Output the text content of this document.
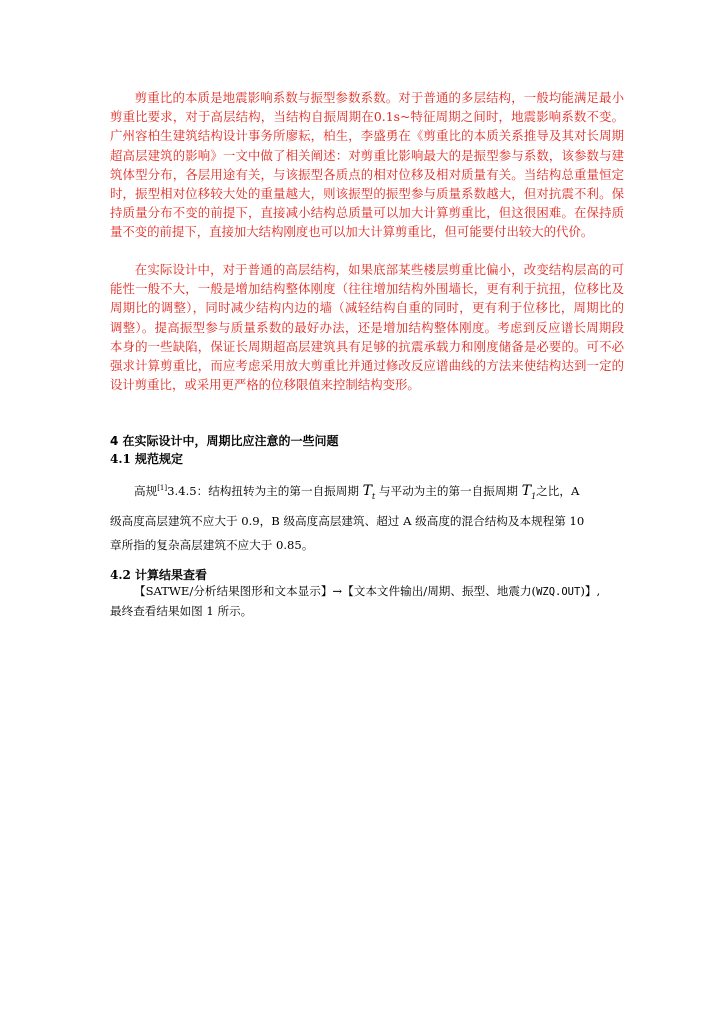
剪重比的本质是地震影响系数与振型参数系数。对于普通的多层结构，一般均能满足最小剪重比要求，对于高层结构，当结构自振周期在0.1s~特征周期之间时，地震影响系数不变。广州容柏生建筑结构设计事务所廖耘，柏生，李盛勇在《剪重比的本质关系推导及其对长周期超高层建筑的影响》一文中做了相关阐述：对剪重比影响最大的是振型参与系数，该参数与建筑体型分布，各层用途有关，与该振型各质点的相对位移及相对质量有关。当结构总重量恒定时，振型相对位移较大处的重量越大，则该振型的振型参与质量系数越大，但对抗震不利。保持质量分布不变的前提下，直接减小结构总质量可以加大计算剪重比，但这很困难。在保持质量不变的前提下，直接加大结构刚度也可以加大计算剪重比，但可能要付出较大的代价。

在实际设计中，对于普通的高层结构，如果底部某些楼层剪重比偏小，改变结构层高的可能性一般不大，一般是增加结构整体刚度（往往增加结构外围墙长，更有利于抗扭，位移比及周期比的调整），同时减少结构内边的墙（减轻结构自重的同时，更有利于位移比，周期比的调整）。提高振型参与质量系数的最好办法，还是增加结构整体刚度。考虑到反应谱长周期段本身的一些缺陷，保证长周期超高层建筑具有足够的抗震承载力和刚度储备是必要的。可不必强求计算剪重比，而应考虑采用放大剪重比并通过修改反应谱曲线的方法来使结构达到一定的设计剪重比，或采用更严格的位移限值来控制结构变形。

4 在实际设计中，周期比应注意的一些问题
4.1 规范规定

高规[1]3.4.5：结构扭转为主的第一自振周期 $T_t$ 与平动为主的第一自振周期 $T_1$之比，A
级高度高层建筑不应大于 0.9，B 级高度高层建筑、超过 A 级高度的混合结构及本规程第 10
章所指的复杂高层建筑不应大于 0.85。

4.2 计算结果查看

【SATWE/分析结果图形和文本显示】→【文本文件输出/周期、振型、地震力(WZQ.OUT)】,
最终查看结果如图 1 所示。
